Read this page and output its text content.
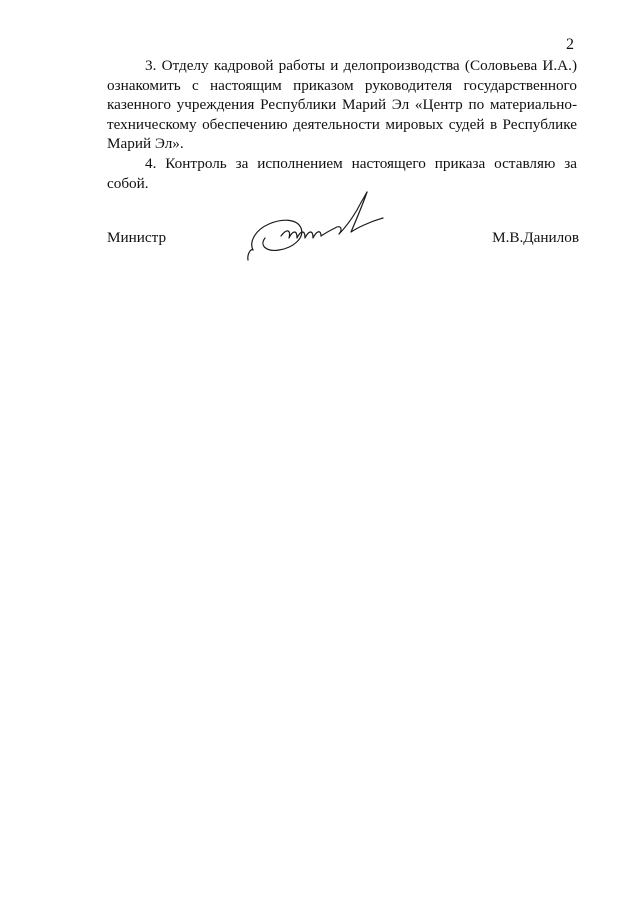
2

3. Отделу кадровой работы и делопроизводства (Соловьева И.А.) ознакомить с настоящим приказом руководителя государственного казенного учреждения Республики Марий Эл «Центр по материально-техническому обеспечению деятельности мировых судей в Республике Марий Эл».

4. Контроль за исполнением настоящего приказа оставляю за собой.

Министр	М.В.Данилов
